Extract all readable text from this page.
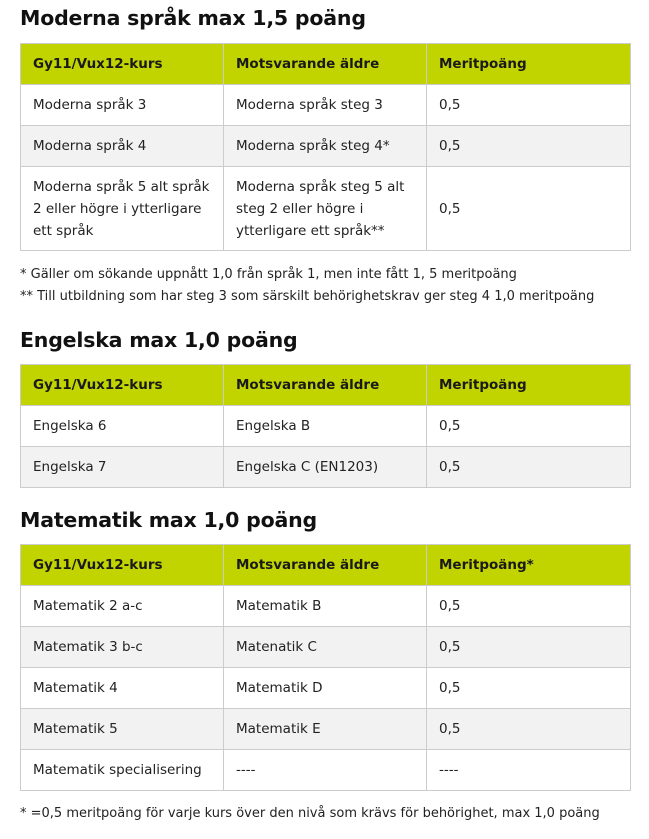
Moderna språk max 1,5 poäng
Gy11/Vux12-kurs	Motsvarande äldre	Meritpoäng
Moderna språk 3	Moderna språk steg 3	0,5
Moderna språk 4	Moderna språk steg 4*	0,5
Moderna språk 5 alt språk 2 eller högre i ytterligare ett språk	Moderna språk steg 5 alt steg 2 eller högre i ytterligare ett språk**	0,5

* Gäller om sökande uppnått 1,0 från språk 1, men inte fått 1, 5 meritpoäng

** Till utbildning som har steg 3 som särskilt behörighetskrav ger steg 4 1,0 meritpoäng

Engelska max 1,0 poäng
Gy11/Vux12-kurs	Motsvarande äldre	Meritpoäng
Engelska 6	Engelska B	0,5
Engelska 7	Engelska C (EN1203)	0,5
Matematik max 1,0 poäng
Gy11/Vux12-kurs	Motsvarande äldre	Meritpoäng*
Matematik 2 a-c	Matematik B	0,5
Matematik 3 b-c	Matenatik C	0,5
Matematik 4	Matematik D	0,5
Matematik 5	Matematik E	0,5
Matematik specialisering	----	----

* =0,5 meritpoäng för varje kurs över den nivå som krävs för behörighet, max 1,0 poäng
